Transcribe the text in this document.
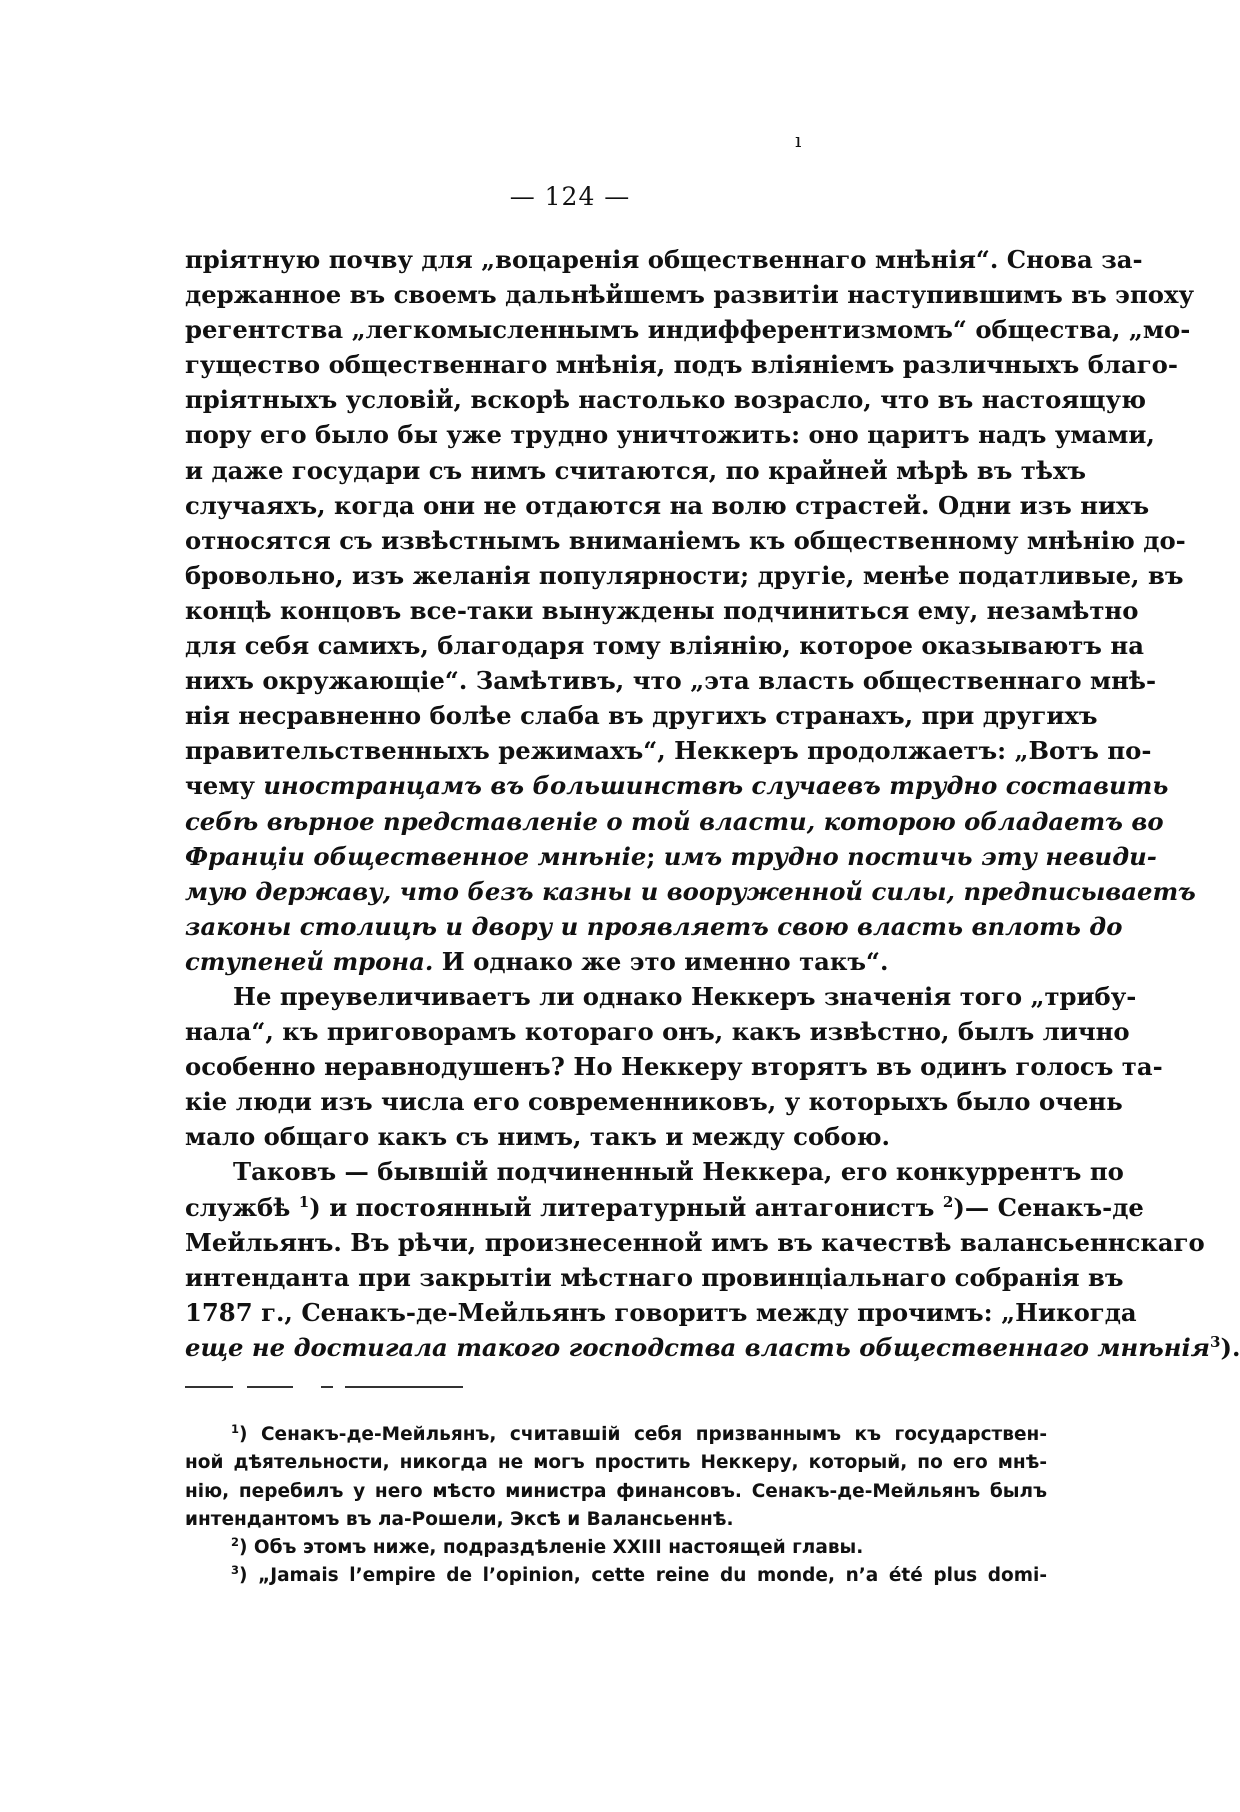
— 124 —
ı
пріятную почву для „воцаренія общественнаго мнѣнія“. Снова за-
держанное въ своемъ дальнѣйшемъ развитіи наступившимъ въ эпоху
регентства „легкомысленнымъ индифферентизмомъ“ общества, „мо-
гущество общественнаго мнѣнія, подъ вліяніемъ различныхъ благо-
пріятныхъ условій, вскорѣ настолько возрасло, что въ настоящую
пору его было бы уже трудно уничтожить: оно царитъ надъ умами,
и даже государи съ нимъ считаются, по крайней мѣрѣ въ тѣхъ
случаяхъ, когда они не отдаются на волю страстей. Одни изъ нихъ
относятся съ извѣстнымъ вниманіемъ къ общественному мнѣнію до-
бровольно, изъ желанія популярности; другіе, менѣе податливые, въ
концѣ концовъ все-таки вынуждены подчиниться ему, незамѣтно
для себя самихъ, благодаря тому вліянію, которое оказываютъ на
нихъ окружающіе“. Замѣтивъ, что „эта власть общественнаго мнѣ-
нія несравненно болѣе слаба въ другихъ странахъ, при другихъ
правительственныхъ режимахъ“, Неккеръ продолжаетъ: „Вотъ по-
чему иностранцамъ въ большинствѣ случаевъ трудно составить
себѣ вѣрное представленіе о той власти, которою обладаетъ во
Франціи общественное мнѣніе; имъ трудно постичь эту невиди-
мую державу, что безъ казны и вооруженной силы, предписываетъ
законы столицѣ и двору и проявляетъ свою власть вплоть до
ступеней трона. И однако же это именно такъ“.
Не преувеличиваетъ ли однако Неккеръ значенія того „трибу-
нала“, къ приговорамъ котораго онъ, какъ извѣстно, былъ лично
особенно неравнодушенъ? Но Неккеру вторятъ въ одинъ голосъ та-
кіе люди изъ числа его современниковъ, у которыхъ было очень
мало общаго какъ съ нимъ, такъ и между собою.
Таковъ — бывшій подчиненный Неккера, его конкуррентъ по
службѣ $^1$) и постоянный литературный антагонистъ $^2$)— Сенакъ-де
Мейльянъ. Въ рѣчи, произнесенной имъ въ качествѣ валансьеннскаго
интенданта при закрытіи мѣстнаго провинціальнаго собранія въ
1787 г., Сенакъ-де-Мейльянъ говоритъ между прочимъ: „Никогда
еще не достигала такого господства власть общественнаго мнѣнія$^3$).
$^1$) Сенакъ-де-Мейльянъ, считавшій себя призваннымъ къ государствен-
ной дѣятельности, никогда не могъ простить Неккеру, который, по его мнѣ-
нію, перебилъ у него мѣсто министра финансовъ. Сенакъ-де-Мейльянъ былъ
интендантомъ въ ла-Рошели, Эксѣ и Валансьеннѣ.
$^2$) Объ этомъ ниже, подраздѣленіе XXIII настоящей главы.
$^3$) „Jamais l’empire de l’opinion, cette reine du monde, n’a été plus domi-
